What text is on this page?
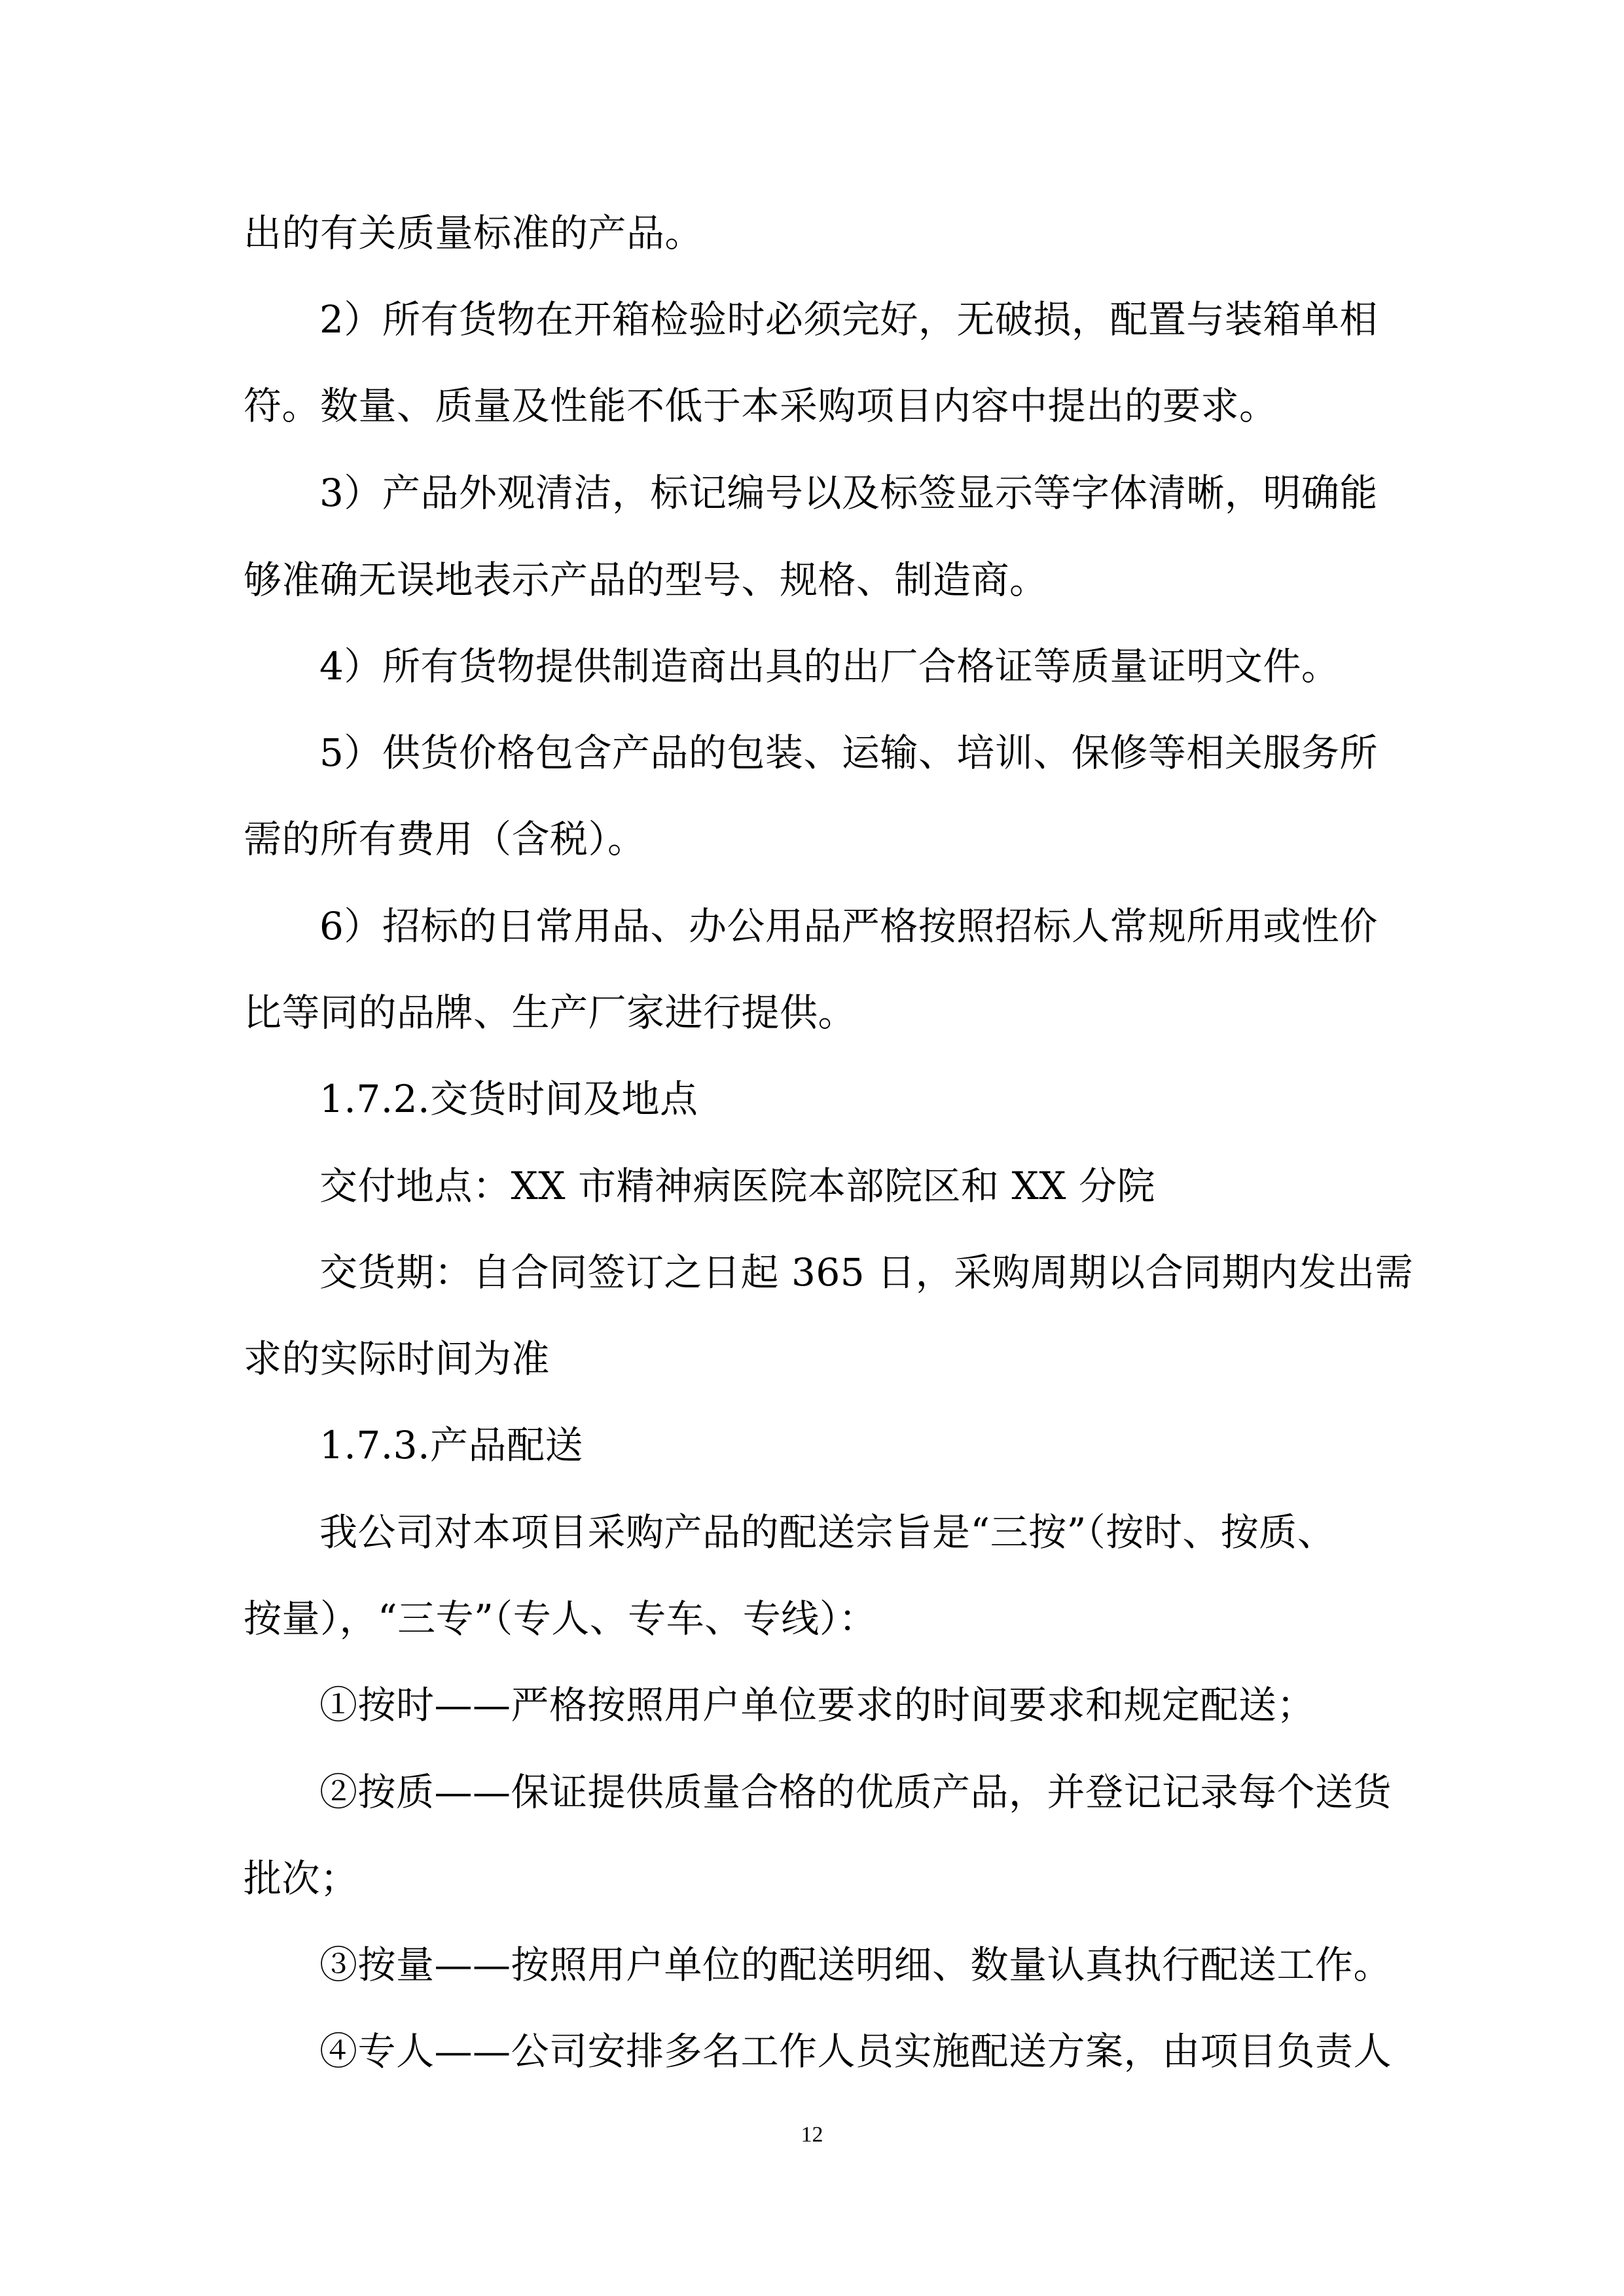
出的有关质量标准的产品。
2）所有货物在开箱检验时必须完好，无破损，配置与装箱单相
符。数量、质量及性能不低于本采购项目内容中提出的要求。
3）产品外观清洁，标记编号以及标签显示等字体清晰，明确能
够准确无误地表示产品的型号、规格、制造商。
4）所有货物提供制造商出具的出厂合格证等质量证明文件。
5）供货价格包含产品的包装、运输、培训、保修等相关服务所
需的所有费用（含税）。
6）招标的日常用品、办公用品严格按照招标人常规所用或性价
比等同的品牌、生产厂家进行提供。
1.7.2.交货时间及地点
交付地点：XX 市精神病医院本部院区和 XX 分院
交货期：自合同签订之日起 365 日，采购周期以合同期内发出需
求的实际时间为准
1.7.3.产品配送
我公司对本项目采购产品的配送宗旨是“三按”（按时、按质、
按量），“三专”（专人、专车、专线）：
①按时——严格按照用户单位要求的时间要求和规定配送；
②按质——保证提供质量合格的优质产品，并登记记录每个送货
批次；
③按量——按照用户单位的配送明细、数量认真执行配送工作。
④专人——公司安排多名工作人员实施配送方案，由项目负责人
12
